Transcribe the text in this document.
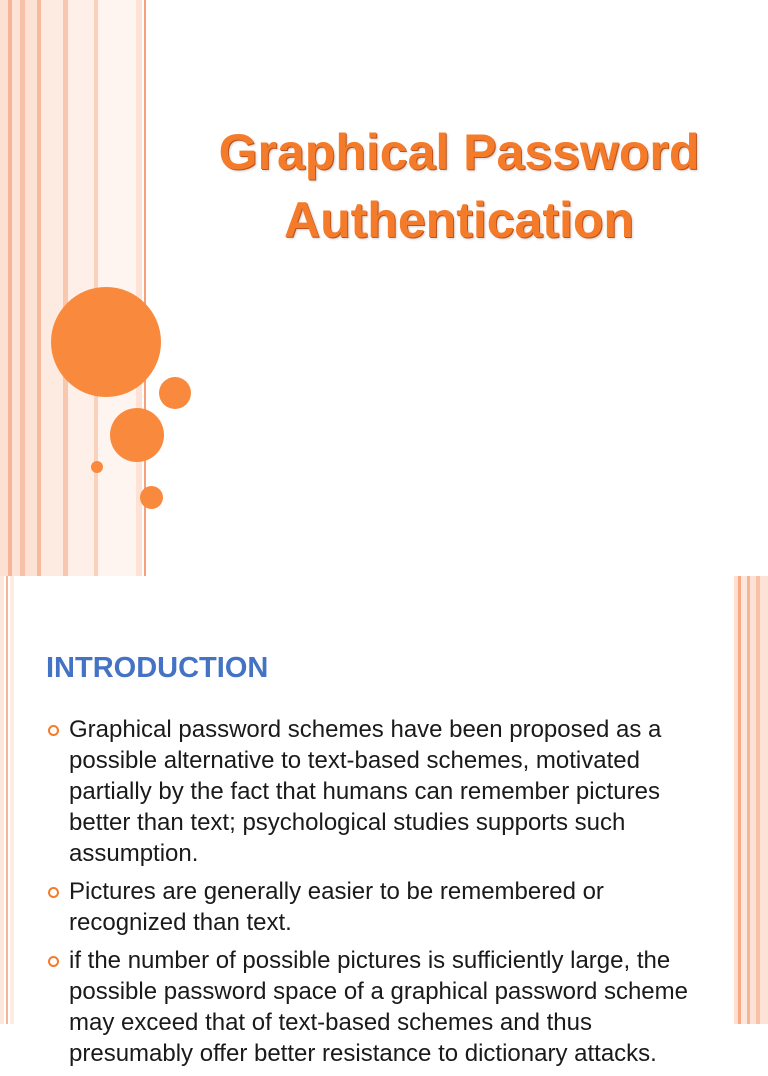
Graphical Password
Authentication
INTRODUCTION
Graphical password schemes have been proposed as a possible alternative to text-based schemes, motivated partially by the fact that humans can remember pictures better than text; psychological studies supports such assumption.
Pictures are generally easier to be remembered or recognized than text.
if the number of possible pictures is sufficiently large, the possible password space of a graphical password scheme may exceed that of text-based schemes and thus presumably offer better resistance to dictionary attacks.
